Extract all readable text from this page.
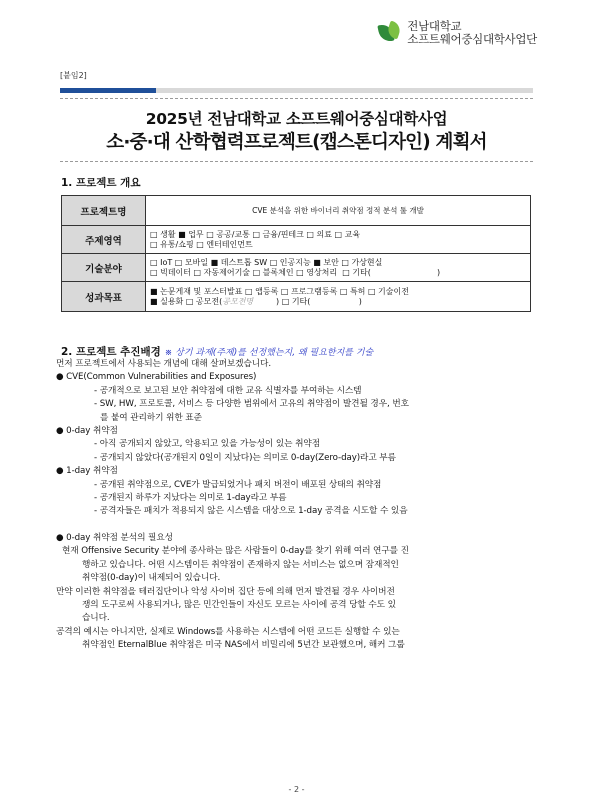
전남대학교
소프트웨어중심대학사업단
[붙임2]
2025년 전남대학교 소프트웨어중심대학사업
소·중·대 산학협력프로젝트(캡스톤디자인) 계획서
1. 프로젝트 개요
프로젝트명	CVE 분석을 위한 바이너리 취약점 정적 분석 툴 개발
주제영역	□ 생활 ■ 업무 □ 공공/교통 □ 금융/핀테크 □ 의료 □ 교육
□ 유통/쇼핑 □ 엔터테인먼트

기술분야	□ IoT □ 모바일 ■ 데스트톱 SW □ 인공지능 ■ 보안 □ 가상현실
□ 빅데이터 □ 자동제어기술 □ 블록체인 □ 영상처리  □ 기타(                          )

성과목표	■ 논문게재 및 포스터발표 □ 앱등록 □ 프로그램등록 □ 특허 □ 기술이전
■ 실용화 □ 공모전(공모전명         ) □ 기타(                   )
2. 프로젝트 추진배경 ※ 상기 과제(주제)를 선정했는지, 왜 필요한지를 기술
먼저 프로젝트에서 사용되는 개념에 대해 살펴보겠습니다.
● CVE(Common Vulnerabilities and Exposures)
- 공개적으로 보고된 보안 취약점에 대한 교유 식별자를 부여하는 시스템
- SW, HW, 프로토콜, 서비스 등 다양한 범위에서 고유의 취약점이 발견될 경우, 번호
를 붙여 관리하기 위한 표준
● 0-day 취약점
- 아직 공개되지 않았고, 악용되고 있을 가능성이 있는 취약점
- 공개되지 않았다(공개된지 0일이 지났다)는 의미로 0-day(Zero-day)라고 부름
● 1-day 취약점
- 공개된 취약점으로, CVE가 발급되었거나 패치 버전이 배포된 상태의 취약점
- 공개된지 하루가 지났다는 의미로 1-day라고 부름
- 공격자들은 패치가 적용되지 않은 시스템을 대상으로 1-day 공격을 시도할 수 있음
● 0-day 취약점 분석의 필요성
현재 Offensive Security 분야에 종사하는 많은 사람들이 0-day를 찾기 위해 여러 연구를 진
행하고 있습니다. 어떤 시스템이든 취약점이 존재하지 않는 서비스는 없으며 잠재적인
취약점(0-day)이 내제되어 있습니다.
만약 이러한 취약점을 테러집단이나 악성 사이버 집단 등에 의해 먼저 발견될 경우 사이버전
쟁의 도구로써 사용되거나, 많은 민간인들이 자신도 모르는 사이에 공격 당할 수도 있
습니다.
공격의 예시는 아니지만, 실제로 Windows를 사용하는 시스템에 어떤 코드든 실행할 수 있는
취약점인 EternalBlue 취약점은 미국 NAS에서 비밀리에 5년간 보관했으며, 해커 그룹
- 2 -
